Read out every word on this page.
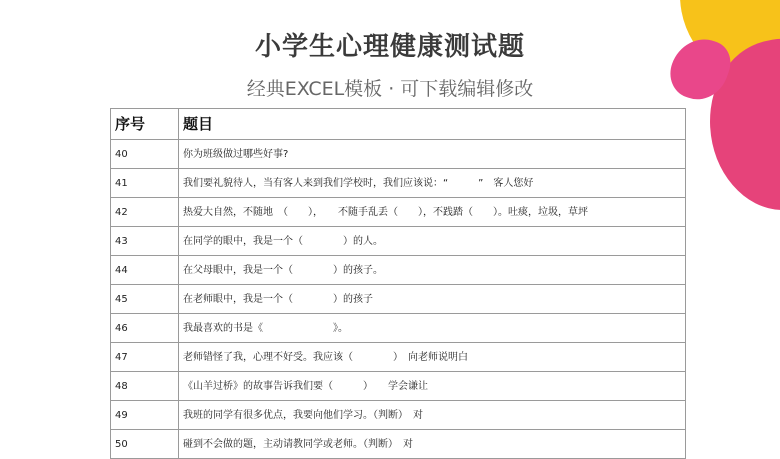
小学生心理健康测试题
经典EXCEL模板 · 可下载编辑修改
序号	题目
40	你为班级做过哪些好事?
41	我们要礼貌待人，当有客人来到我们学校时，我们应该说：“　　　”　客人您好
42	热爱大自然，不随地　（　　），　　不随手乱丢（　　），不践踏（　　）。吐痰，垃圾，草坪
43	在同学的眼中，我是一个（　　　　）的人。
44	在父母眼中，我是一个（　　　　）的孩子。
45	在老师眼中，我是一个（　　　　）的孩子
46	我最喜欢的书是《　　　　　　　》。
47	老师错怪了我，心理不好受。我应该（　　　　）　向老师说明白
48	《山羊过桥》的故事告诉我们要（　　　）　　学会谦让
49	我班的同学有很多优点，我要向他们学习。（判断）　对
50	碰到不会做的题，主动请教同学或老师。（判断）　对
